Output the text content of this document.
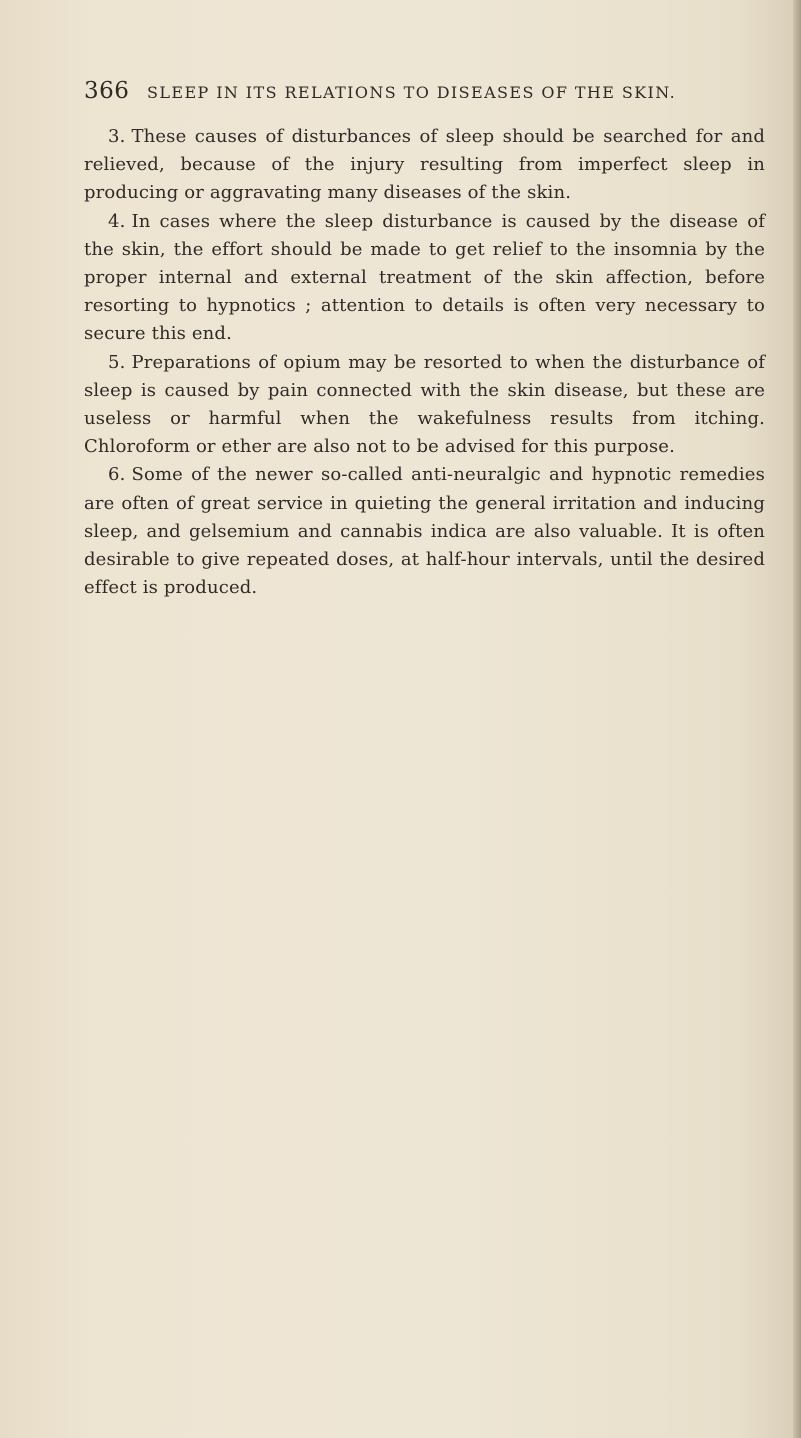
366 SLEEP IN ITS RELATIONS TO DISEASES OF THE SKIN.

3. These causes of disturbances of sleep should be searched for and relieved, because of the injury resulting from imperfect sleep in producing or aggravating many diseases of the skin.

4. In cases where the sleep disturbance is caused by the disease of the skin, the effort should be made to get relief to the insomnia by the proper internal and external treatment of the skin affection, before resorting to hypnotics ; attention to details is often very necessary to secure this end.

5. Preparations of opium may be resorted to when the disturbance of sleep is caused by pain connected with the skin disease, but these are useless or harmful when the wakefulness results from itching. Chloroform or ether are also not to be advised for this purpose.

6. Some of the newer so-called anti-neuralgic and hypnotic remedies are often of great service in quieting the general irritation and inducing sleep, and gelsemium and cannabis indica are also valuable. It is often desirable to give repeated doses, at half-hour intervals, until the desired effect is produced.
